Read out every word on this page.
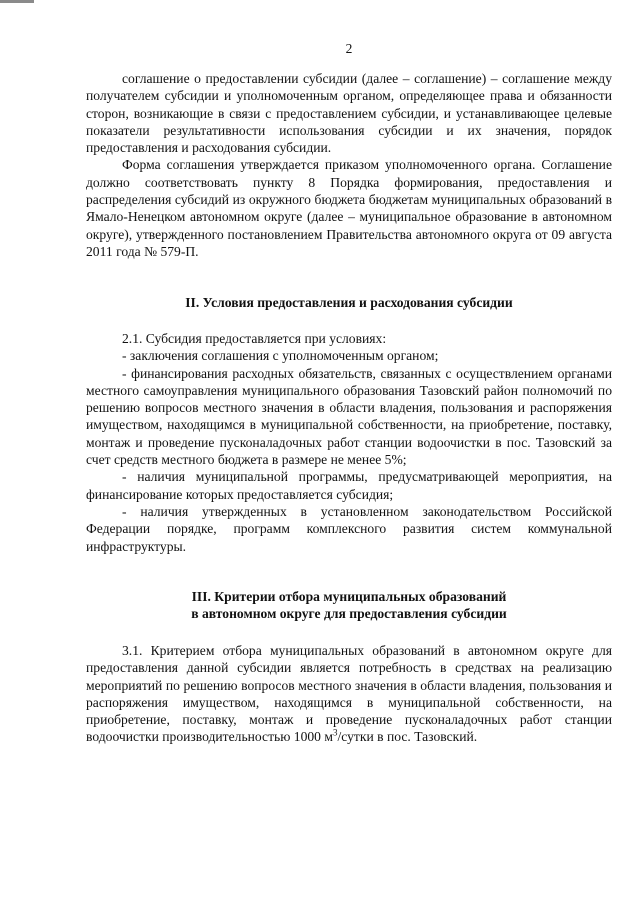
2

соглашение о предоставлении субсидии (далее – соглашение) – соглашение между получателем субсидии и уполномоченным органом, определяющее права и обязанности сторон, возникающие в связи с предоставлением субсидии, и устанавливающее целевые показатели результативности использования субсидии и их значения, порядок предоставления и расходования субсидии.

Форма соглашения утверждается приказом уполномоченного органа. Соглашение должно соответствовать пункту 8 Порядка формирования, предоставления и распределения субсидий из окружного бюджета бюджетам муниципальных образований в Ямало-Ненецком автономном округе (далее – муниципальное образование в автономном округе), утвержденного постановлением Правительства автономного округа от 09 августа 2011 года № 579-П.

II. Условия предоставления и расходования субсидии

2.1. Субсидия предоставляется при условиях:

- заключения соглашения с уполномоченным органом;

- финансирования расходных обязательств, связанных с осуществлением органами местного самоуправления муниципального образования Тазовский район полномочий по решению вопросов местного значения в области владения, пользования и распоряжения имуществом, находящимся в муниципальной собственности, на приобретение, поставку, монтаж и проведение пусконаладочных работ станции водоочистки в пос. Тазовский за счет средств местного бюджета в размере не менее 5%;

- наличия муниципальной программы, предусматривающей мероприятия, на финансирование которых предоставляется субсидия;

- наличия утвержденных в установленном законодательством Российской Федерации порядке, программ комплексного развития систем коммунальной инфраструктуры.

III. Критерии отбора муниципальных образований

в автономном округе для предоставления субсидии

3.1. Критерием отбора муниципальных образований в автономном округе для предоставления данной субсидии является потребность в средствах на реализацию мероприятий по решению вопросов местного значения в области владения, пользования и распоряжения имуществом, находящимся в муниципальной собственности, на приобретение, поставку, монтаж и проведение пусконаладочных работ станции водоочистки производительностью 1000 $м^3$/сутки в пос. Тазовский.
